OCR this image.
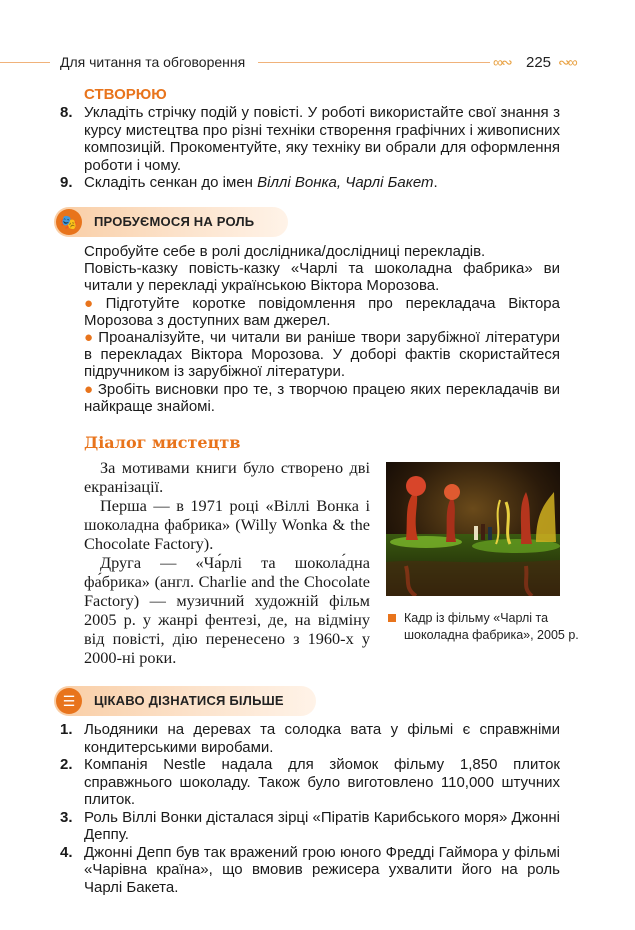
Для читання та обговорення	∞∾ 225 ∾∞
СТВОРЮЮ
8. Укладіть стрічку подій у повісті. У роботі використайте свої знання з курсу мистецтва про різні техніки створення графічних і живописних композицій. Прокоментуйте, яку техніку ви обрали для оформлення роботи і чому.
9. Складіть сенкан до імен Віллі Вонка, Чарлі Бакет.
🎭	ПРОБУЄМОСЯ НА РОЛЬ

Спробуйте себе в ролі дослідника/дослідниці перекладів.

Повість-казку повість-казку «Чарлі та шоколадна фабрика» ви читали у перекладі українською Віктора Морозова.

● Підготуйте коротке повідомлення про перекладача Віктора Морозова з доступних вам джерел.

● Проаналізуйте, чи читали ви раніше твори зарубіжної літератури в перекладах Віктора Морозова. У доборі фактів скористайтеся підручником із зарубіжної літератури.

● Зробіть висновки про те, з творчою працею яких перекладачів ви найкраще знайомі.

Діалог мистецтв

За мотивами книги було створено дві екранізації.

Перша — в 1971 році «Віллі Вонка і шоколадна фабрика» (Willy Wonka & the Chocolate Factory).

Друга — «Ча́рлі та шокола́дна фа́брика» (англ. Charlie and the Chocolate Factory) — музичний художній фільм 2005 р. у жанрі фентезі, де, на відміну від повісті, дію перенесено з 1960-х у 2000-ні роки.

Кадр із фільму «Чарлі та шоколадна фабрика», 2005 р.
☰	ЦІКАВО ДІЗНАТИСЯ БІЛЬШЕ
1. Льодяники на деревах та солодка вата у фільмі є справжніми кондитерськими виробами.
2. Компанія Nestle надала для зйомок фільму 1,850 плиток справжнього шоколаду. Також було виготовлено 110,000 штучних плиток.
3. Роль Віллі Вонки дісталася зірці «Піратів Карибського моря» Джонні Деппу.
4. Джонні Депп був так вражений грою юного Фредді Гаймора у фільмі «Чарівна країна», що вмовив режисера ухвалити його на роль Чарлі Бакета.
